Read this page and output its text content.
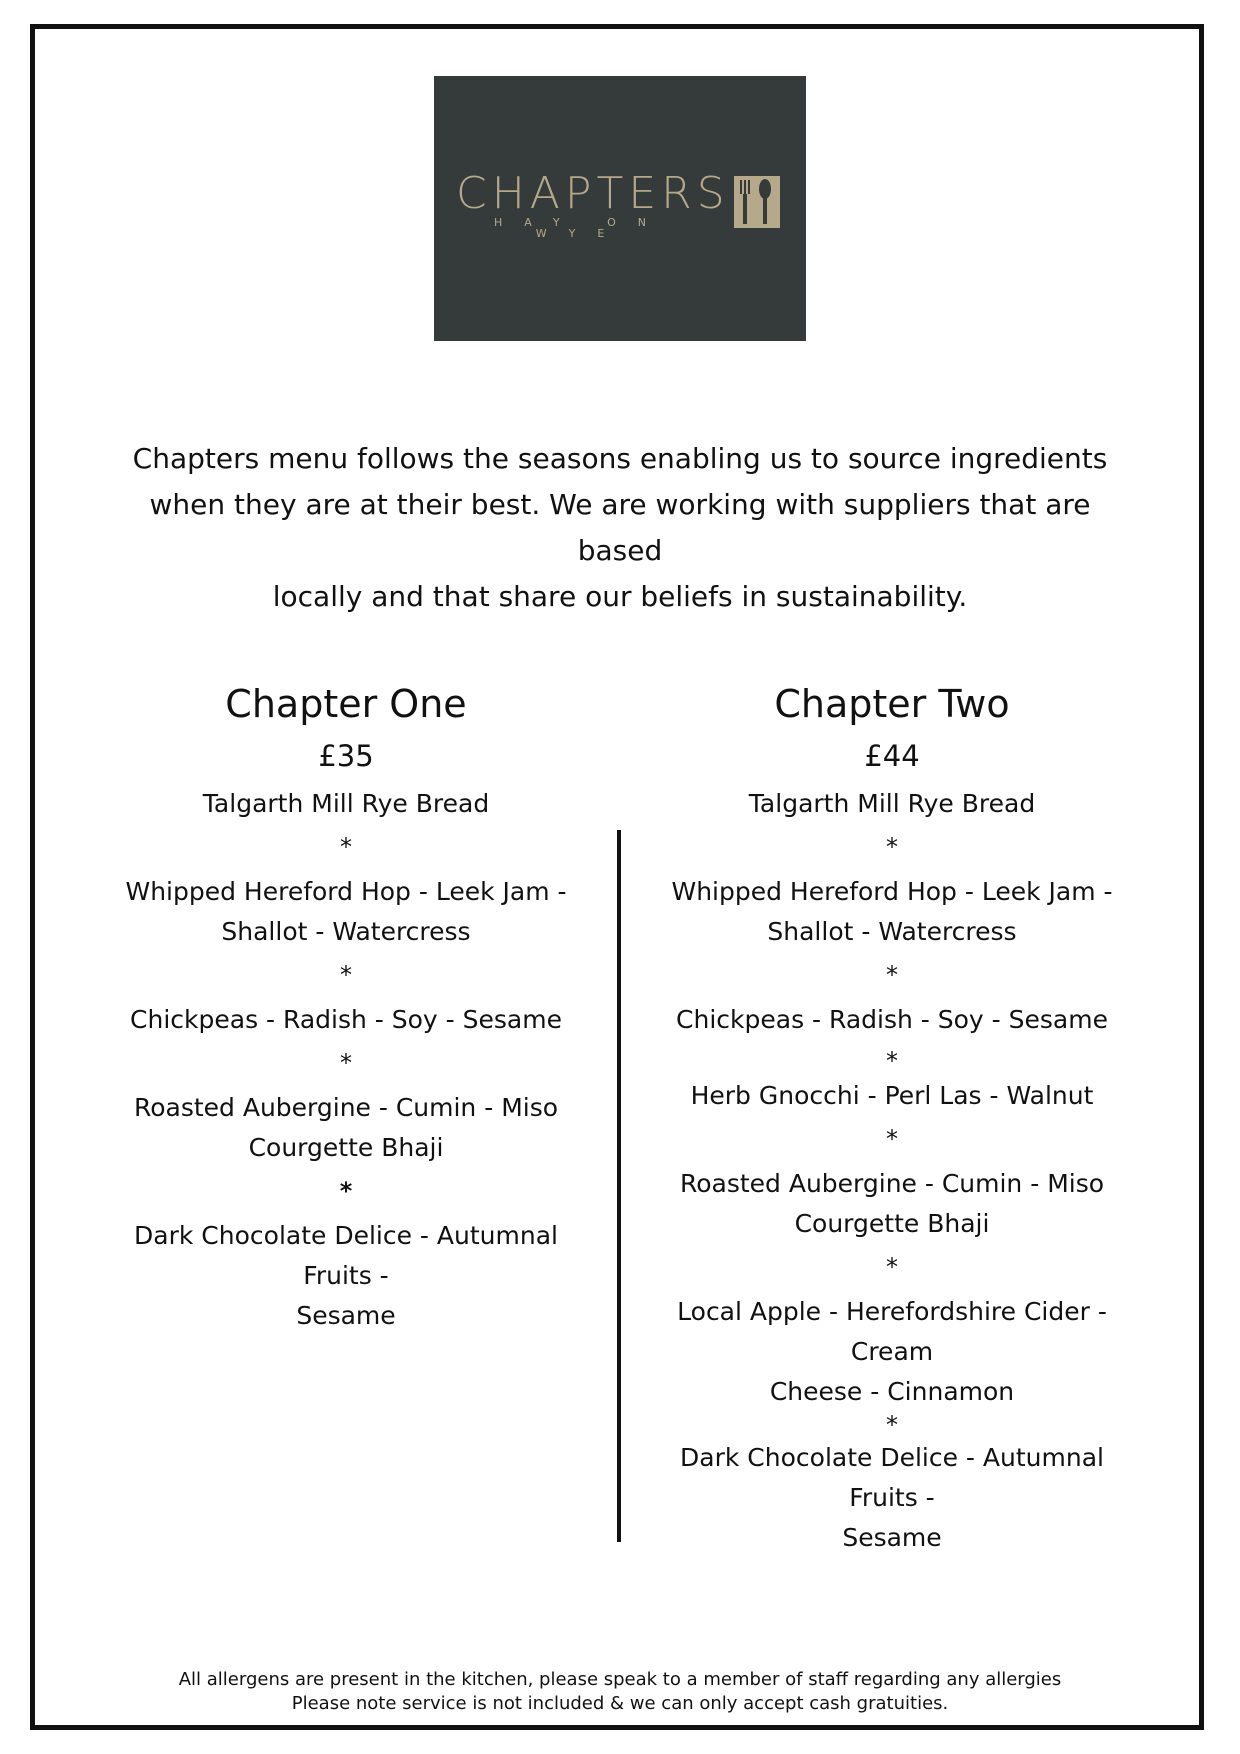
CHAPTERS
HAY ON WYE
Chapters menu follows the seasons enabling us to source ingredients
when they are at their best. We are working with suppliers that are based
locally and that share our beliefs in sustainability.
Chapter One
£35
Talgarth Mill Rye Bread
*
Whipped Hereford Hop - Leek Jam -
Shallot - Watercress
*
Chickpeas - Radish - Soy - Sesame
*
Roasted Aubergine - Cumin - Miso
Courgette Bhaji
*
Dark Chocolate Delice - Autumnal Fruits -
Sesame
Chapter Two
£44
Talgarth Mill Rye Bread
*
Whipped Hereford Hop - Leek Jam -
Shallot - Watercress
*
Chickpeas - Radish - Soy - Sesame
*
Herb Gnocchi - Perl Las - Walnut
*
Roasted Aubergine - Cumin - Miso
Courgette Bhaji
*
Local Apple - Herefordshire Cider - Cream
Cheese - Cinnamon
*
Dark Chocolate Delice - Autumnal Fruits -
Sesame
All allergens are present in the kitchen, please speak to a member of staff regarding any allergies
Please note service is not included & we can only accept cash gratuities.
